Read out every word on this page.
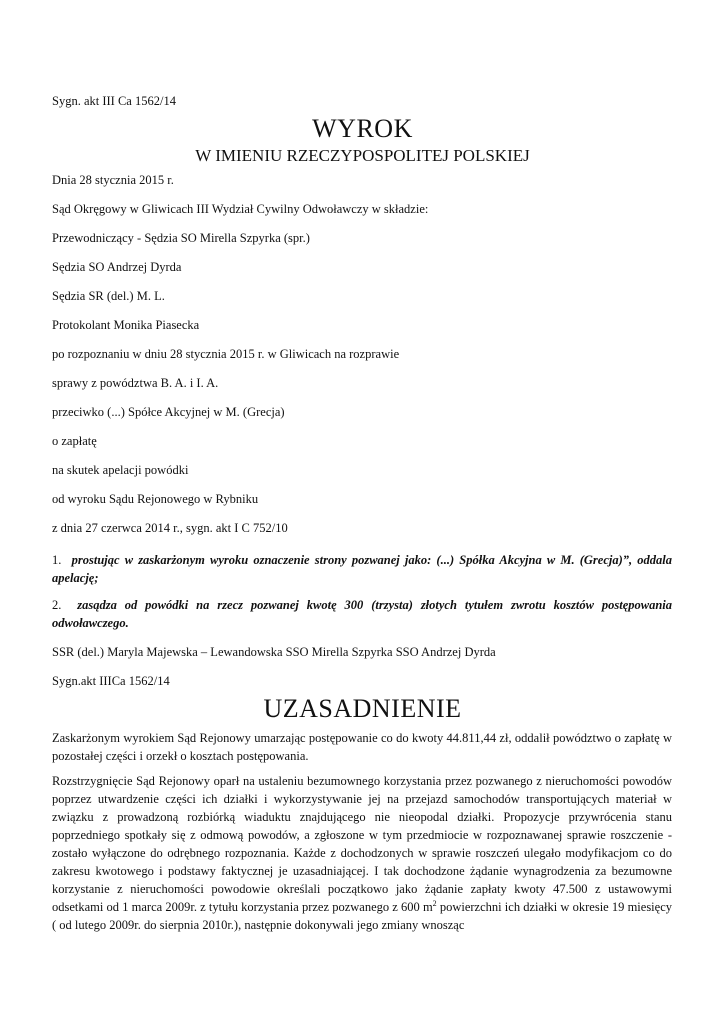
Sygn. akt III Ca 1562/14

WYROK
W IMIENIU RZECZYPOSPOLITEJ POLSKIEJ

Dnia 28 stycznia 2015 r.

Sąd Okręgowy w Gliwicach III Wydział Cywilny Odwoławczy w składzie:

Przewodniczący - Sędzia SO Mirella Szpyrka (spr.)

Sędzia SO Andrzej Dyrda

Sędzia SR (del.) M. L.

Protokolant Monika Piasecka

po rozpoznaniu w dniu 28 stycznia 2015 r. w Gliwicach na rozprawie

sprawy z powództwa B. A. i I. A.

przeciwko (...) Spółce Akcyjnej w M. (Grecja)

o zapłatę

na skutek apelacji powódki

od wyroku Sądu Rejonowego w Rybniku

z dnia 27 czerwca 2014 r., sygn. akt I C 752/10

1. prostując w zaskarżonym wyroku oznaczenie strony pozwanej jako: (...) Spółka Akcyjna w M. (Grecja)”, oddala apelację;

2. zasądza od powódki na rzecz pozwanej kwotę 300 (trzysta) złotych tytułem zwrotu kosztów postępowania odwoławczego.

SSR (del.) Maryla Majewska – Lewandowska SSO Mirella Szpyrka SSO Andrzej Dyrda

Sygn.akt IIICa 1562/14

UZASADNIENIE

Zaskarżonym wyrokiem Sąd Rejonowy umarzając postępowanie co do kwoty 44.811,44 zł, oddalił powództwo o zapłatę w pozostałej części i orzekł o kosztach postępowania.

Rozstrzygnięcie Sąd Rejonowy oparł na ustaleniu bezumownego korzystania przez pozwanego z nieruchomości powodów poprzez utwardzenie części ich działki i wykorzystywanie jej na przejazd samochodów transportujących materiał w związku z prowadzoną rozbiórką wiaduktu znajdującego nie nieopodal działki. Propozycje przywrócenia stanu poprzedniego spotkały się z odmową powodów, a zgłoszone w tym przedmiocie w rozpoznawanej sprawie roszczenie - zostało wyłączone do odrębnego rozpoznania. Każde z dochodzonych w sprawie roszczeń ulegało modyfikacjom co do zakresu kwotowego i podstawy faktycznej je uzasadniającej. I tak dochodzone żądanie wynagrodzenia za bezumowne korzystanie z nieruchomości powodowie określali początkowo jako żądanie zapłaty kwoty 47.500 z ustawowymi odsetkami od 1 marca 2009r. z tytułu korzystania przez pozwanego z 600 $m^2$ powierzchni ich działki w okresie 19 miesięcy ( od lutego 2009r. do sierpnia 2010r.), następnie dokonywali jego zmiany wnosząc
